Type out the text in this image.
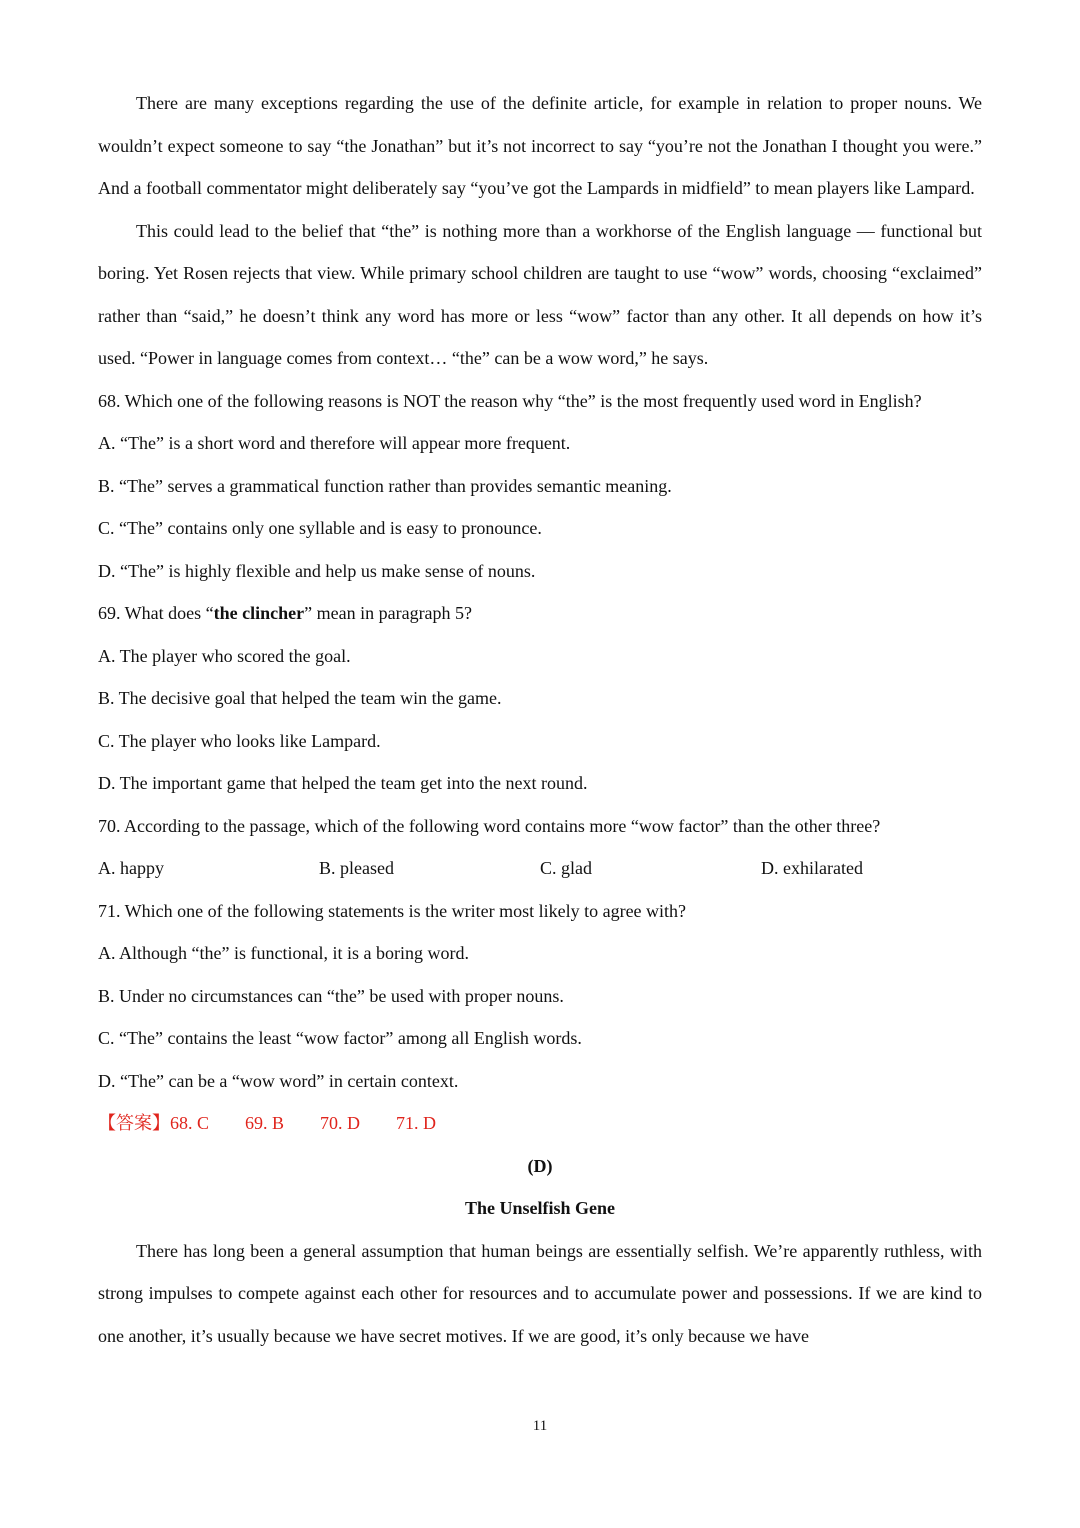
There are many exceptions regarding the use of the definite article, for example in relation to proper nouns. We wouldn’t expect someone to say “the Jonathan” but it’s not incorrect to say “you’re not the Jonathan I thought you were.” And a football commentator might deliberately say “you’ve got the Lampards in midfield” to mean players like Lampard.

This could lead to the belief that “the” is nothing more than a workhorse of the English language — functional but boring. Yet Rosen rejects that view. While primary school children are taught to use “wow” words, choosing “exclaimed” rather than “said,” he doesn’t think any word has more or less “wow” factor than any other. It all depends on how it’s used. “Power in language comes from context… “the” can be a wow word,” he says.

68. Which one of the following reasons is NOT the reason why “the” is the most frequently used word in English?

A. “The” is a short word and therefore will appear more frequent.

B. “The” serves a grammatical function rather than provides semantic meaning.

C. “The” contains only one syllable and is easy to pronounce.

D. “The” is highly flexible and help us make sense of nouns.

69. What does “the clincher” mean in paragraph 5?

A. The player who scored the goal.

B. The decisive goal that helped the team win the game.

C. The player who looks like Lampard.

D. The important game that helped the team get into the next round.

70. According to the passage, which of the following word contains more “wow factor” than the other three?

A. happy	B. pleased	C. glad	D. exhilarated

71. Which one of the following statements is the writer most likely to agree with?

A. Although “the” is functional, it is a boring word.

B. Under no circumstances can “the” be used with proper nouns.

C. “The” contains the least “wow factor” among all English words.

D. “The” can be a “wow word” in certain context.

【答案】68. C        69. B        70. D        71. D

(D)

The Unselfish Gene

There has long been a general assumption that human beings are essentially selfish. We’re apparently ruthless, with strong impulses to compete against each other for resources and to accumulate power and possessions. If we are kind to one another, it’s usually because we have secret motives. If we are good, it’s only because we have

11
